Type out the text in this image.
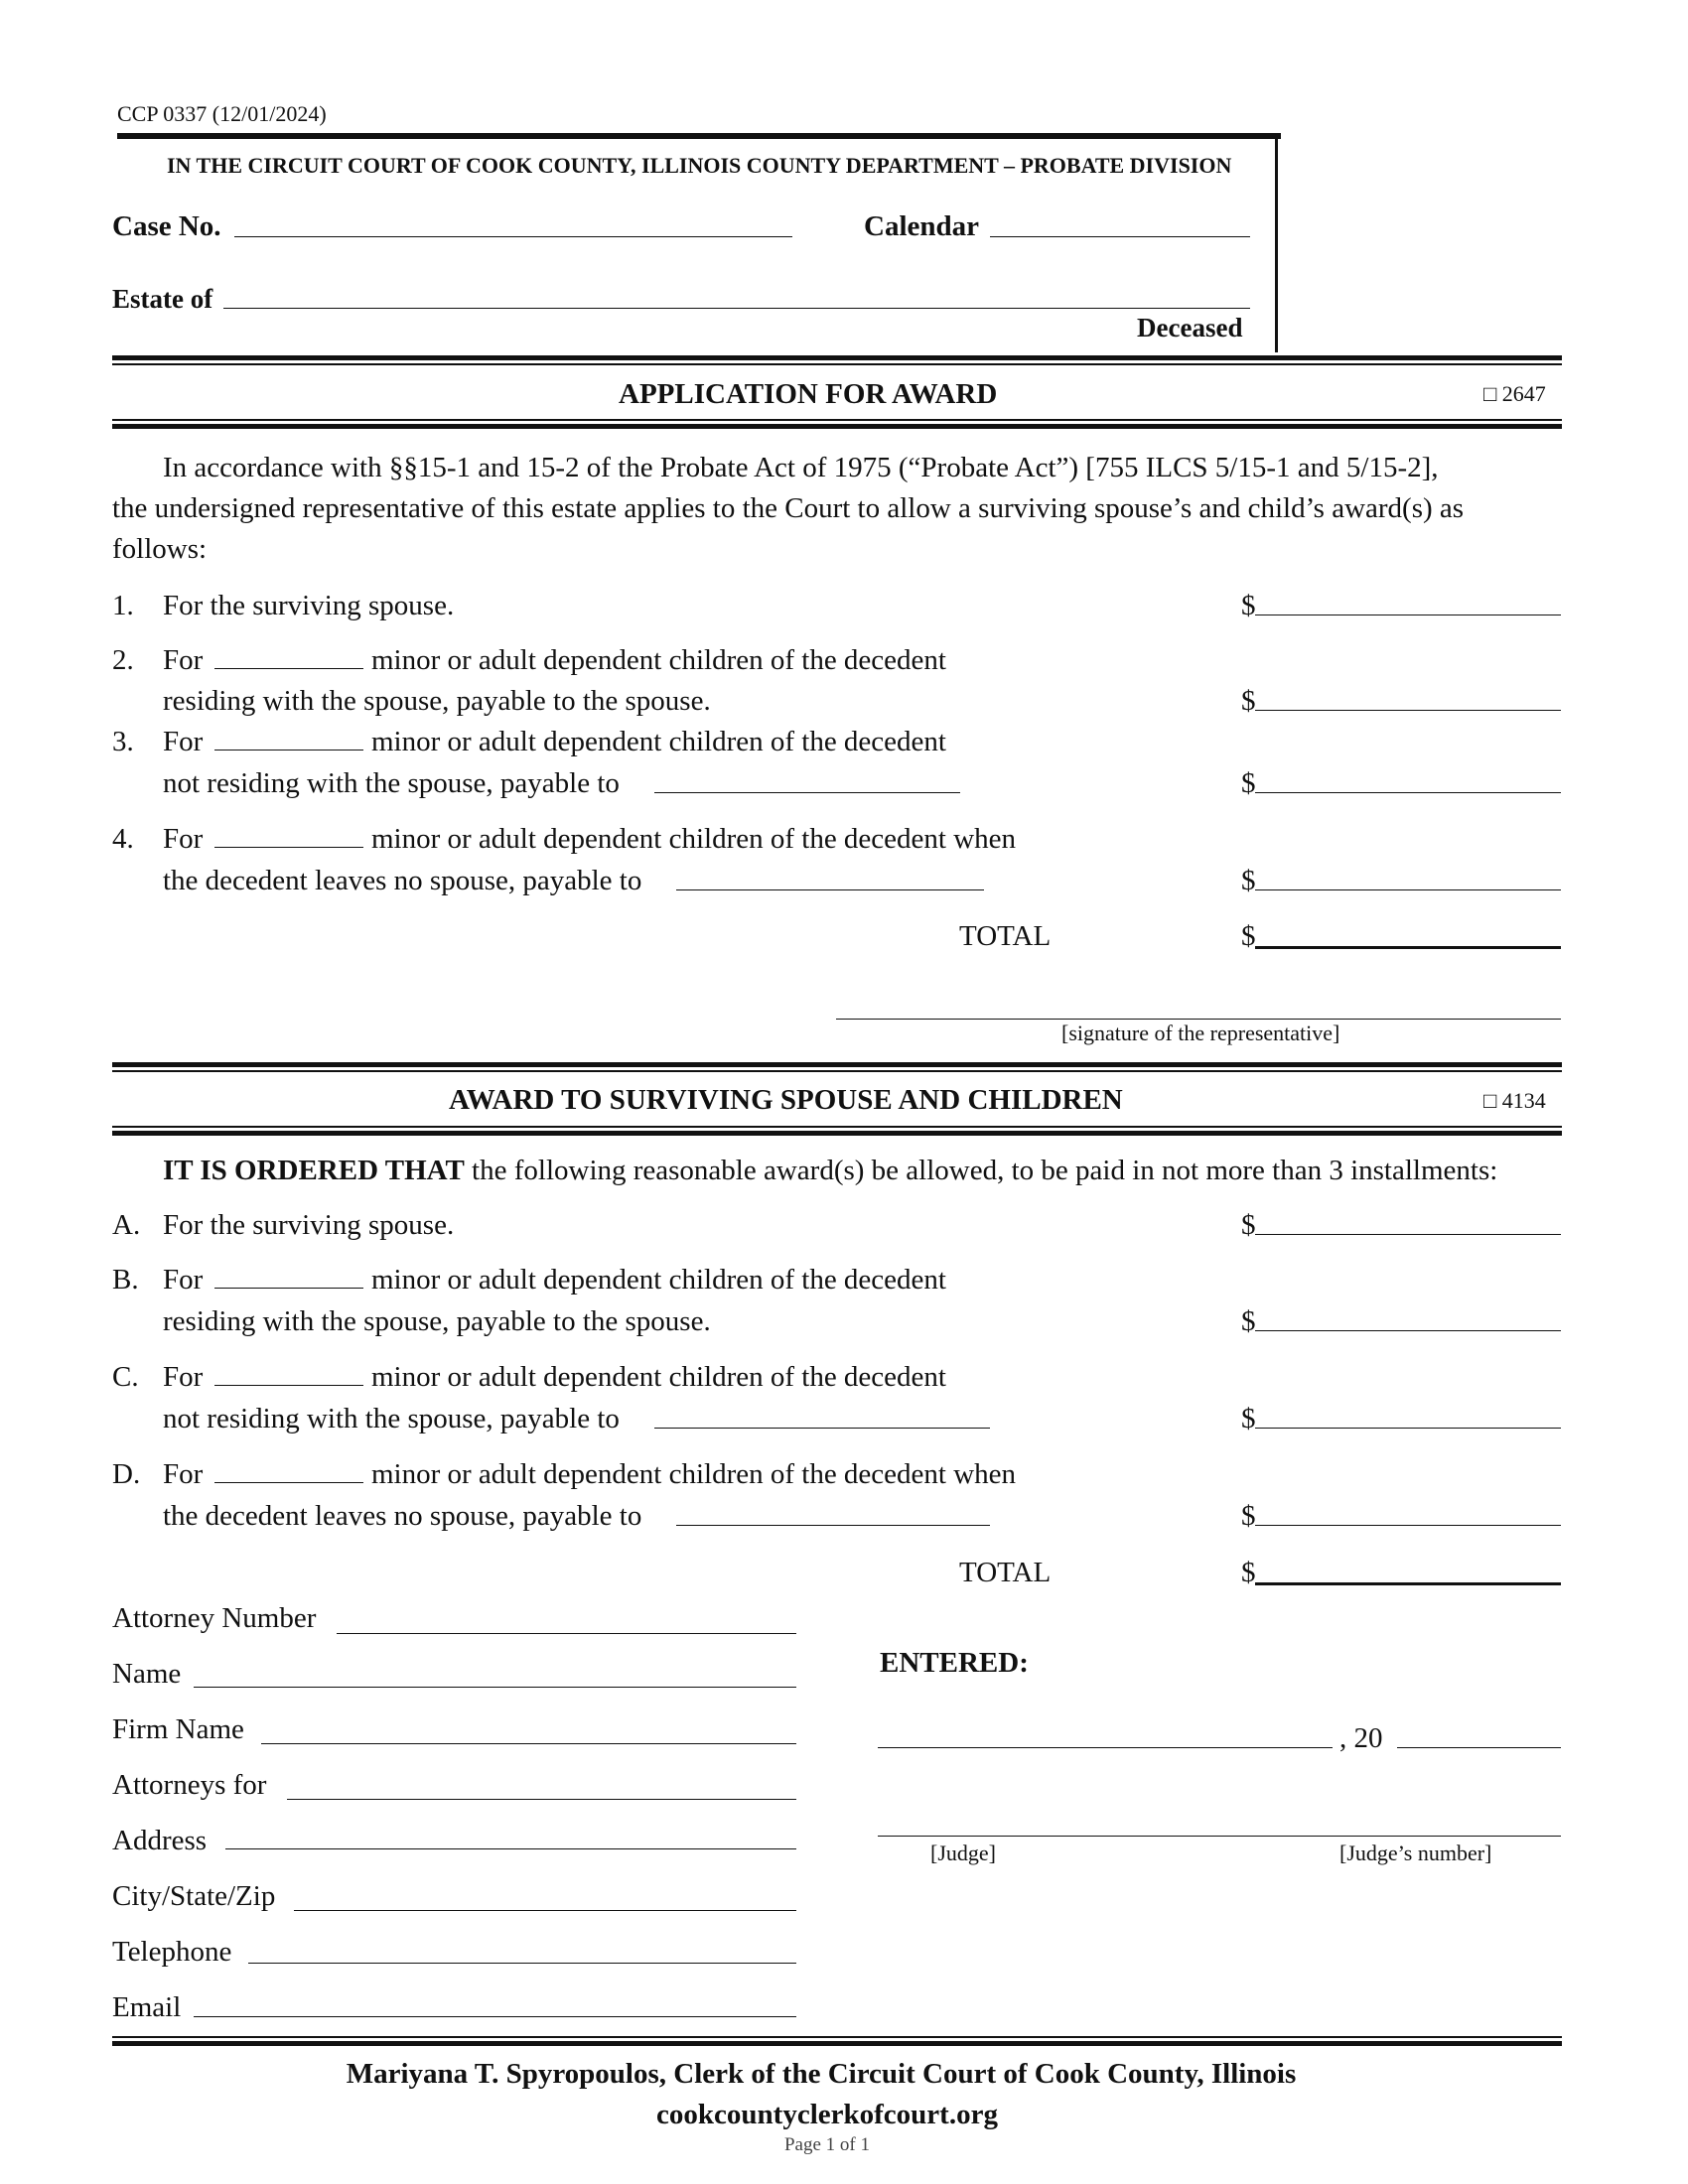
CCP 0337 (12/01/2024)
IN THE CIRCUIT COURT OF COOK COUNTY, ILLINOIS COUNTY DEPARTMENT – PROBATE DIVISION
Case No.	Calendar
Estate of
Deceased
APPLICATION FOR AWARD	□ 2647
In accordance with §§15-1 and 15-2 of the Probate Act of 1975 (“Probate Act”) [755 ILCS 5/15-1 and 5/15-2],
the undersigned representative of this estate applies to the Court to allow a surviving spouse’s and child’s award(s) as
follows:
1. For the surviving spouse.	$
2. For	minor or adult dependent children of the decedent
residing with the spouse, payable to the spouse.	$
3. For	minor or adult dependent children of the decedent
not residing with the spouse, payable to	$
4. For	minor or adult dependent children of the decedent when
the decedent leaves no spouse, payable to	$
TOTAL	$
[signature of the representative]
AWARD TO SURVIVING SPOUSE AND CHILDREN	□ 4134
IT IS ORDERED THAT the following reasonable award(s) be allowed, to be paid in not more than 3 installments:
A. For the surviving spouse.	$
B. For	minor or adult dependent children of the decedent
residing with the spouse, payable to the spouse.	$
C. For	minor or adult dependent children of the decedent
not residing with the spouse, payable to	$
D. For	minor or adult dependent children of the decedent when
the decedent leaves no spouse, payable to	$
TOTAL	$
Attorney Number
Name
Firm Name
Attorneys for
Address
City/State/Zip
Telephone
Email
ENTERED:
, 20
[Judge]	[Judge’s number]
Mariyana T. Spyropoulos, Clerk of the Circuit Court of Cook County, Illinois
cookcountyclerkofcourt.org
Page 1 of 1
